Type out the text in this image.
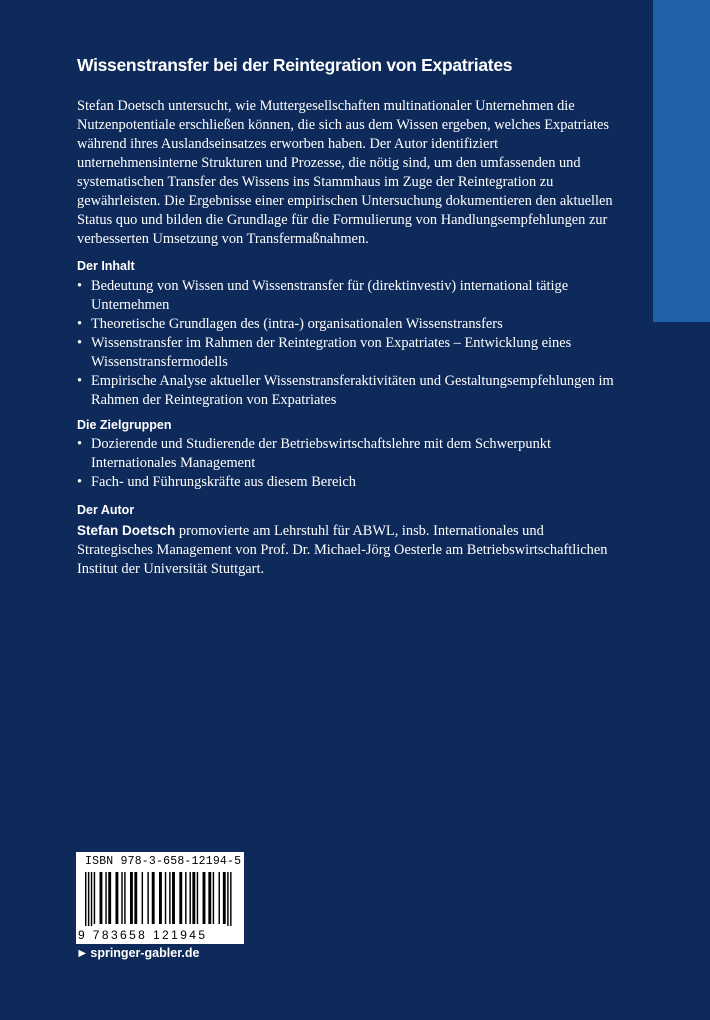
Wissenstransfer bei der Reintegration von Expatriates

Stefan Doetsch untersucht, wie Muttergesellschaften multinationaler Unternehmen die Nutzenpotentiale erschließen können, die sich aus dem Wissen ergeben, welches Expatriates während ihres Auslandseinsatzes erworben haben. Der Autor identifiziert unternehmensinterne Strukturen und Prozesse, die nötig sind, um den umfassenden und systematischen Transfer des Wissens ins Stammhaus im Zuge der Reintegration zu gewährleisten. Die Ergebnisse einer empirischen Untersuchung dokumentieren den aktuellen Status quo und bilden die Grundlage für die Formulierung von Handlungsempfehlungen zur verbesserten Umsetzung von Transfermaßnahmen.

Der Inhalt
• Bedeutung von Wissen und Wissenstransfer für (direktinvestiv) international tätige Unternehmen
• Theoretische Grundlagen des (intra-) organisationalen Wissenstransfers
• Wissenstransfer im Rahmen der Reintegration von Expatriates – Entwicklung eines Wissenstransfermodells
• Empirische Analyse aktueller Wissenstransferaktivitäten und Gestaltungsempfehlungen im Rahmen der Reintegration von Expatriates
Die Zielgruppen
• Dozierende und Studierende der Betriebswirtschaftslehre mit dem Schwerpunkt Internationales Management
• Fach- und Führungskräfte aus diesem Bereich
Der Autor

Stefan Doetsch promovierte am Lehrstuhl für ABWL, insb. Internationales und Strategisches Management von Prof. Dr. Michael-Jörg Oesterle am Betriebswirtschaftlichen Institut der Universität Stuttgart.

ISBN 978-3-658-12194-5
9 783658 121945
► springer-gabler.de
